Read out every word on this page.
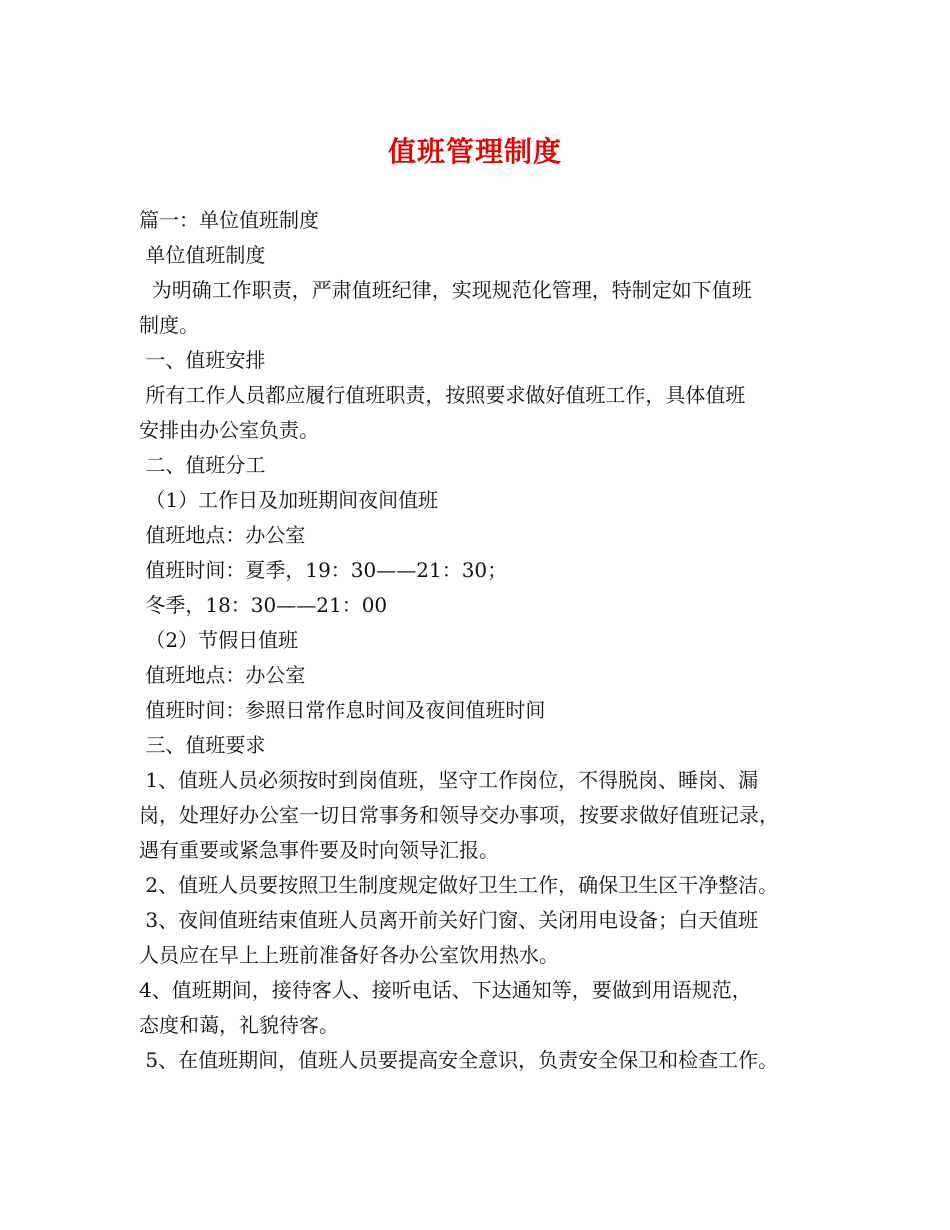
值班管理制度

篇一：单位值班制度

单位值班制度

为明确工作职责，严肃值班纪律，实现规范化管理，特制定如下值班

制度。

一、值班安排

所有工作人员都应履行值班职责，按照要求做好值班工作，具体值班

安排由办公室负责。

二、值班分工

（1）工作日及加班期间夜间值班

值班地点：办公室

值班时间：夏季，19：30——21：30；

冬季，18：30——21：00

（2）节假日值班

值班地点：办公室

值班时间：参照日常作息时间及夜间值班时间

三、值班要求

1、值班人员必须按时到岗值班，坚守工作岗位，不得脱岗、睡岗、漏

岗，处理好办公室一切日常事务和领导交办事项，按要求做好值班记录，

遇有重要或紧急事件要及时向领导汇报。

2、值班人员要按照卫生制度规定做好卫生工作，确保卫生区干净整洁。

3、夜间值班结束值班人员离开前关好门窗、关闭用电设备；白天值班

人员应在早上上班前准备好各办公室饮用热水。

4、值班期间，接待客人、接听电话、下达通知等，要做到用语规范，

态度和蔼，礼貌待客。

5、在值班期间，值班人员要提高安全意识，负责安全保卫和检查工作。
